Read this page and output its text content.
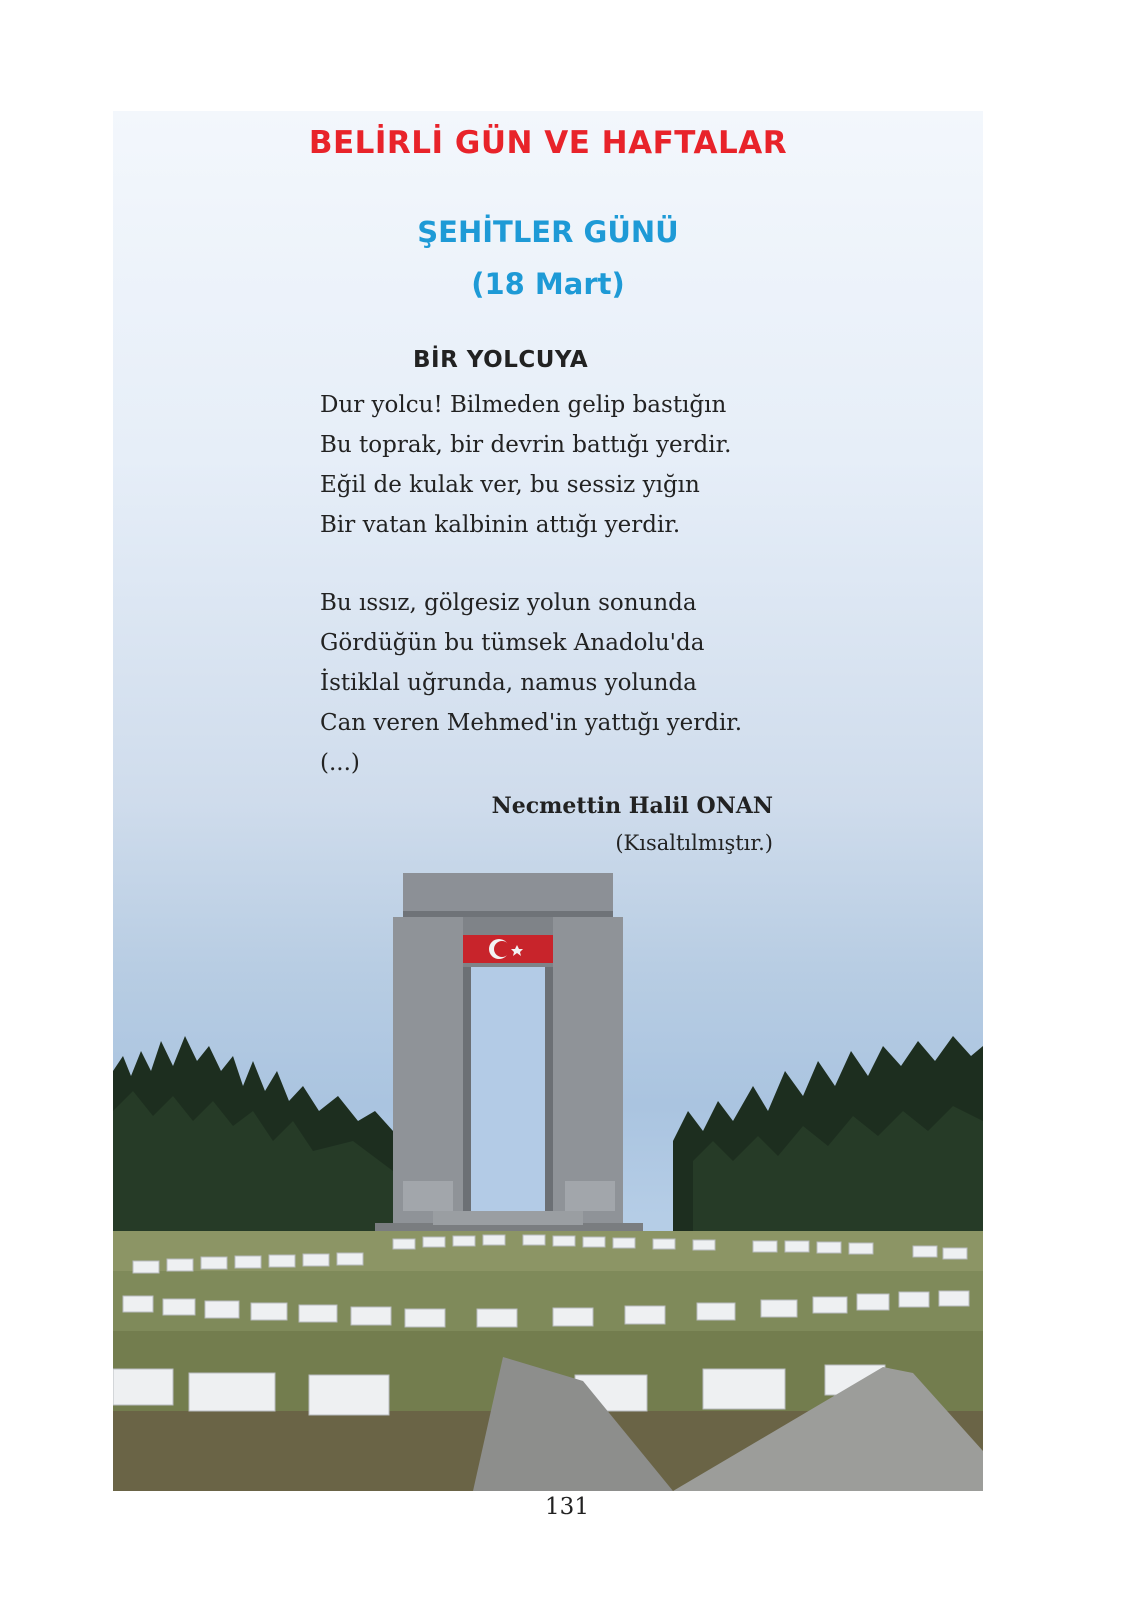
BELİRLİ GÜN VE HAFTALAR
ŞEHİTLER GÜNÜ
(18 Mart)
BİR YOLCUYA
Dur yolcu! Bilmeden gelip bastığın
Bu toprak, bir devrin battığı yerdir.
Eğil de kulak ver, bu sessiz yığın
Bir vatan kalbinin attığı yerdir.
Bu ıssız, gölgesiz yolun sonunda
Gördüğün bu tümsek Anadolu'da
İstiklal uğrunda, namus yolunda
Can veren Mehmed'in yattığı yerdir.
(...)
Necmettin Halil ONAN
(Kısaltılmıştır.)
131
